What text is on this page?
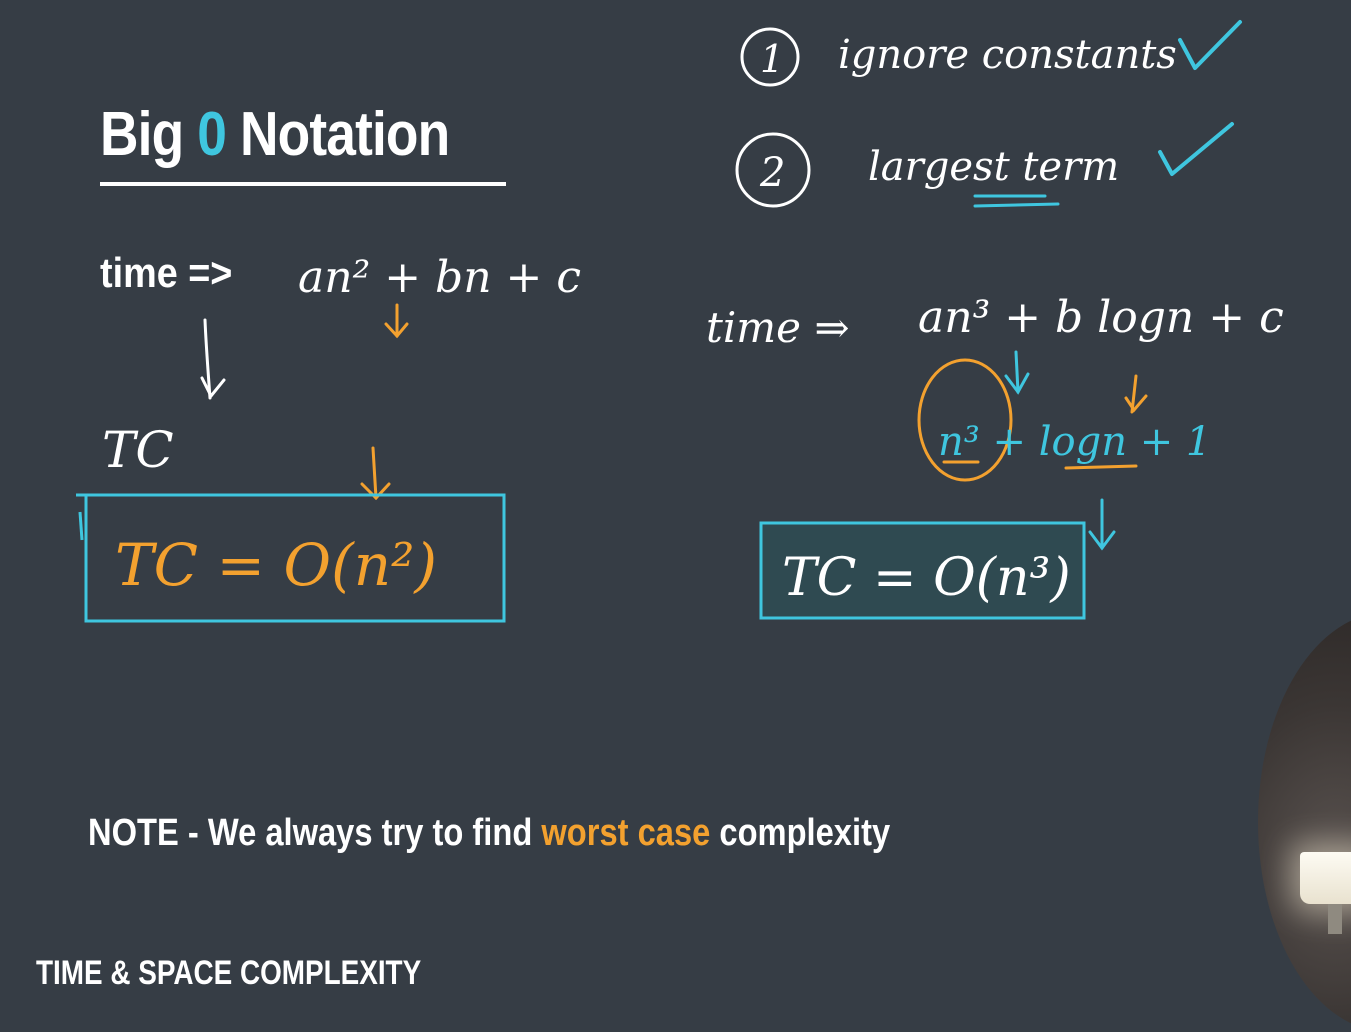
Big 0 Notation
time => an² + bn + c
TC
TC = O(n²)
1 ignore constants
2 largest term
time ⇒ an³ + b logn + c
n³ + logn + 1
TC = O(n³)
NOTE - We always try to find worst case complexity
TIME & SPACE COMPLEXITY
